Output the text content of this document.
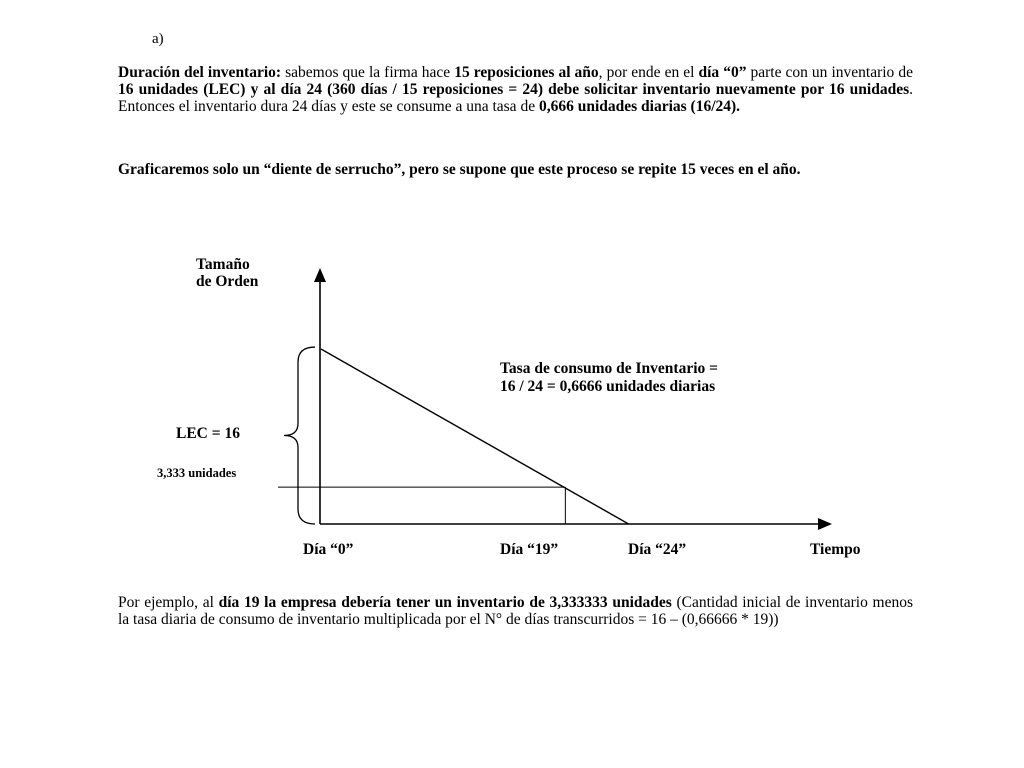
a)

Duración del inventario: sabemos que la firma hace 15 reposiciones al año, por ende en el día “0” parte con un inventario de 16 unidades (LEC) y al día 24 (360 días / 15 reposiciones = 24) debe solicitar inventario nuevamente por 16 unidades. Entonces el inventario dura 24 días y este se consume a una tasa de 0,666 unidades diarias (16/24).

Graficaremos solo un “diente de serrucho”, pero se supone que este proceso se repite 15 veces en el año.

Tamaño
de Orden
Tasa de consumo de Inventario =
16 / 24 = 0,6666 unidades diarias
LEC = 16
3,333 unidades
Día “0”	Día “19”	Día “24”	Tiempo

Por ejemplo, al día 19 la empresa debería tener un inventario de 3,333333 unidades (Cantidad inicial de inventario menos la tasa diaria de consumo de inventario multiplicada por el N° de días transcurridos = 16 – (0,66666 * 19))
